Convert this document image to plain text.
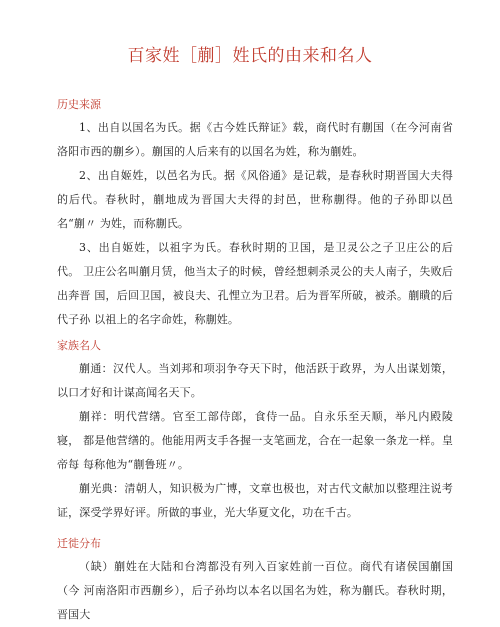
百家姓［蒯］姓氏的由来和名人
历史来源
1、出自以国名为氏。据《古今姓氏辩证》载，商代时有蒯国（在今河南省 洛阳市西的蒯乡）。蒯国的人后来有的以国名为姓，称为蒯姓。
2、出自姬姓，以邑名为氏。据《风俗通》是记载，是春秋时期晋国大夫得 的后代。春秋时，蒯地成为晋国大夫得的封邑，世称蒯得。他的子孙即以邑名“蒯〃 为姓，而称蒯氏。
3、出自姬姓，以祖字为氏。春秋时期的卫国，是卫灵公之子卫庄公的后代。 卫庄公名叫蒯月赁，他当太子的时候，曾经想刺杀灵公的夫人南子，失败后出奔晋 国，后回卫国，被良夫、孔悝立为卫君。后为晋军所破，被杀。蒯瞶的后代子孙 以祖上的名字命姓，称蒯姓。
家族名人
蒯通：汉代人。当刘邦和项羽争夺天下时，他活跃于政界，为人出谋划策， 以口才好和计谋高闻名天下。
蒯祥：明代营缮。官至工部侍郎，食侍一品。自永乐至天顺，举凡内殿陵寝， 都是他营缮的。他能用两支手各握一支笔画龙，合在一起象一条龙一样。皇帝每 每称他为“蒯鲁班〃。
蒯光典：清朝人，知识极为广博，文章也极也，对古代文献加以整理注说考 证，深受学界好评。所做的事业，光大华夏文化，功在千古。
迁徙分布
（缺）蒯姓在大陆和台湾都没有列入百家姓前一百位。商代有诸侯国蒯国（今 河南洛阳市西蒯乡），后子孙均以本名以国名为姓，称为蒯氏。春秋时期，晋国大
